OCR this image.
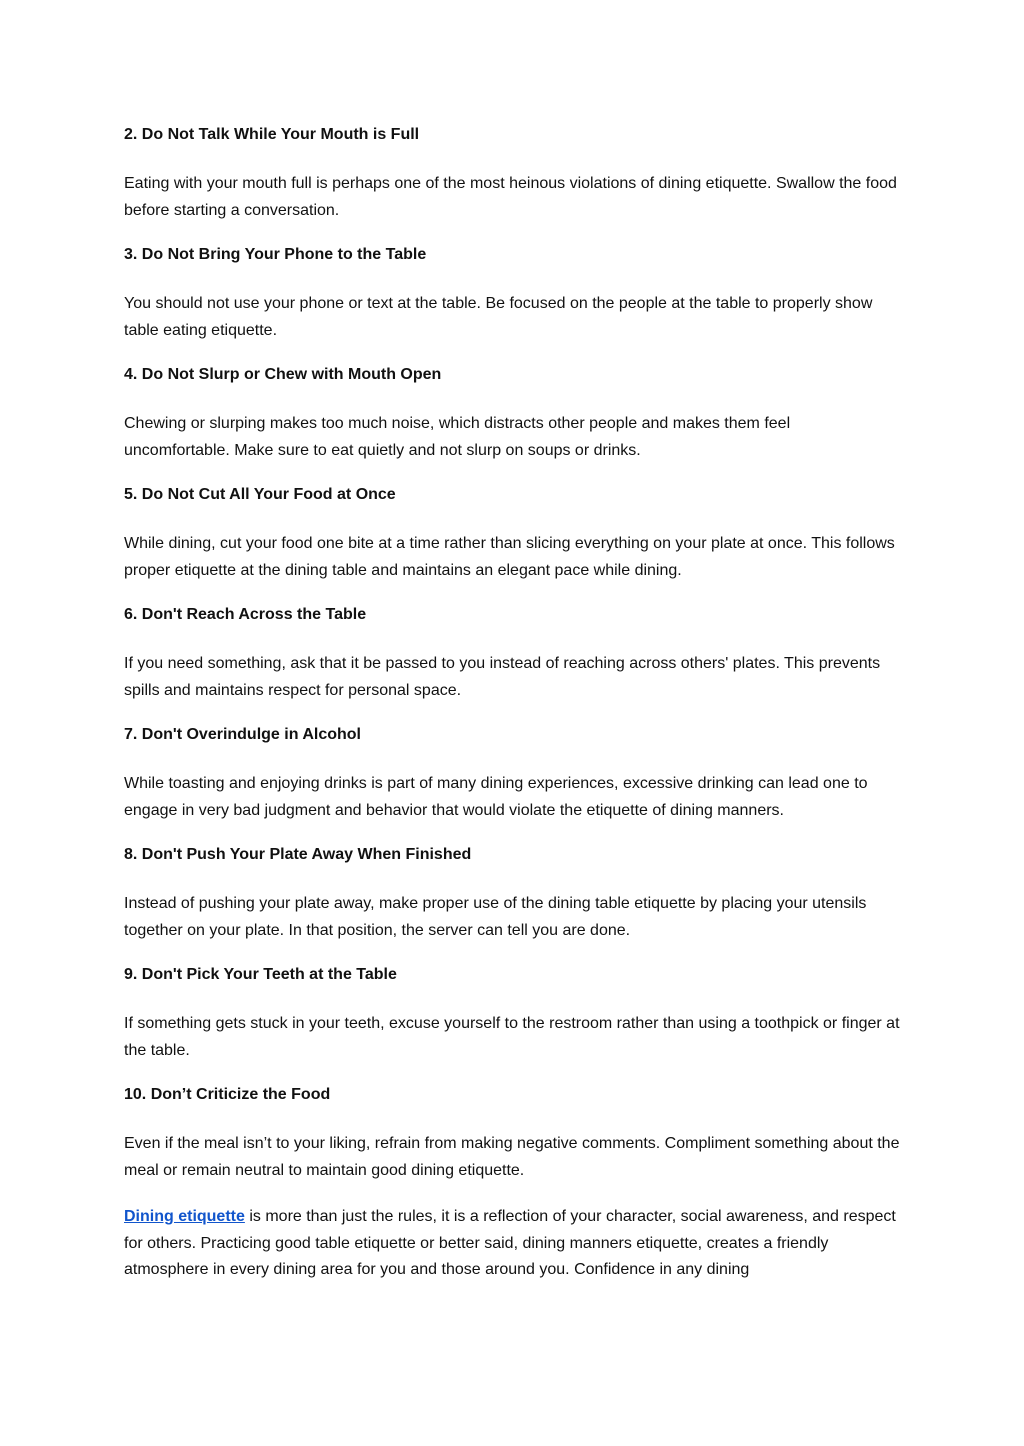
2. Do Not Talk While Your Mouth is Full
Eating with your mouth full is perhaps one of the most heinous violations of dining etiquette. Swallow the food before starting a conversation.
3. Do Not Bring Your Phone to the Table
You should not use your phone or text at the table. Be focused on the people at the table to properly show table eating etiquette.
4. Do Not Slurp or Chew with Mouth Open
Chewing or slurping makes too much noise, which distracts other people and makes them feel uncomfortable. Make sure to eat quietly and not slurp on soups or drinks.
5. Do Not Cut All Your Food at Once
While dining, cut your food one bite at a time rather than slicing everything on your plate at once. This follows proper etiquette at the dining table and maintains an elegant pace while dining.
6. Don't Reach Across the Table
If you need something, ask that it be passed to you instead of reaching across others' plates. This prevents spills and maintains respect for personal space.
7. Don't Overindulge in Alcohol
While toasting and enjoying drinks is part of many dining experiences, excessive drinking can lead one to engage in very bad judgment and behavior that would violate the etiquette of dining manners.
8. Don't Push Your Plate Away When Finished
Instead of pushing your plate away, make proper use of the dining table etiquette by placing your utensils together on your plate. In that position, the server can tell you are done.
9. Don't Pick Your Teeth at the Table
If something gets stuck in your teeth, excuse yourself to the restroom rather than using a toothpick or finger at the table.
10. Don’t Criticize the Food
Even if the meal isn’t to your liking, refrain from making negative comments. Compliment something about the meal or remain neutral to maintain good dining etiquette.
Dining etiquette is more than just the rules, it is a reflection of your character, social awareness, and respect for others. Practicing good table etiquette or better said, dining manners etiquette, creates a friendly atmosphere in every dining area for you and those around you. Confidence in any dining
